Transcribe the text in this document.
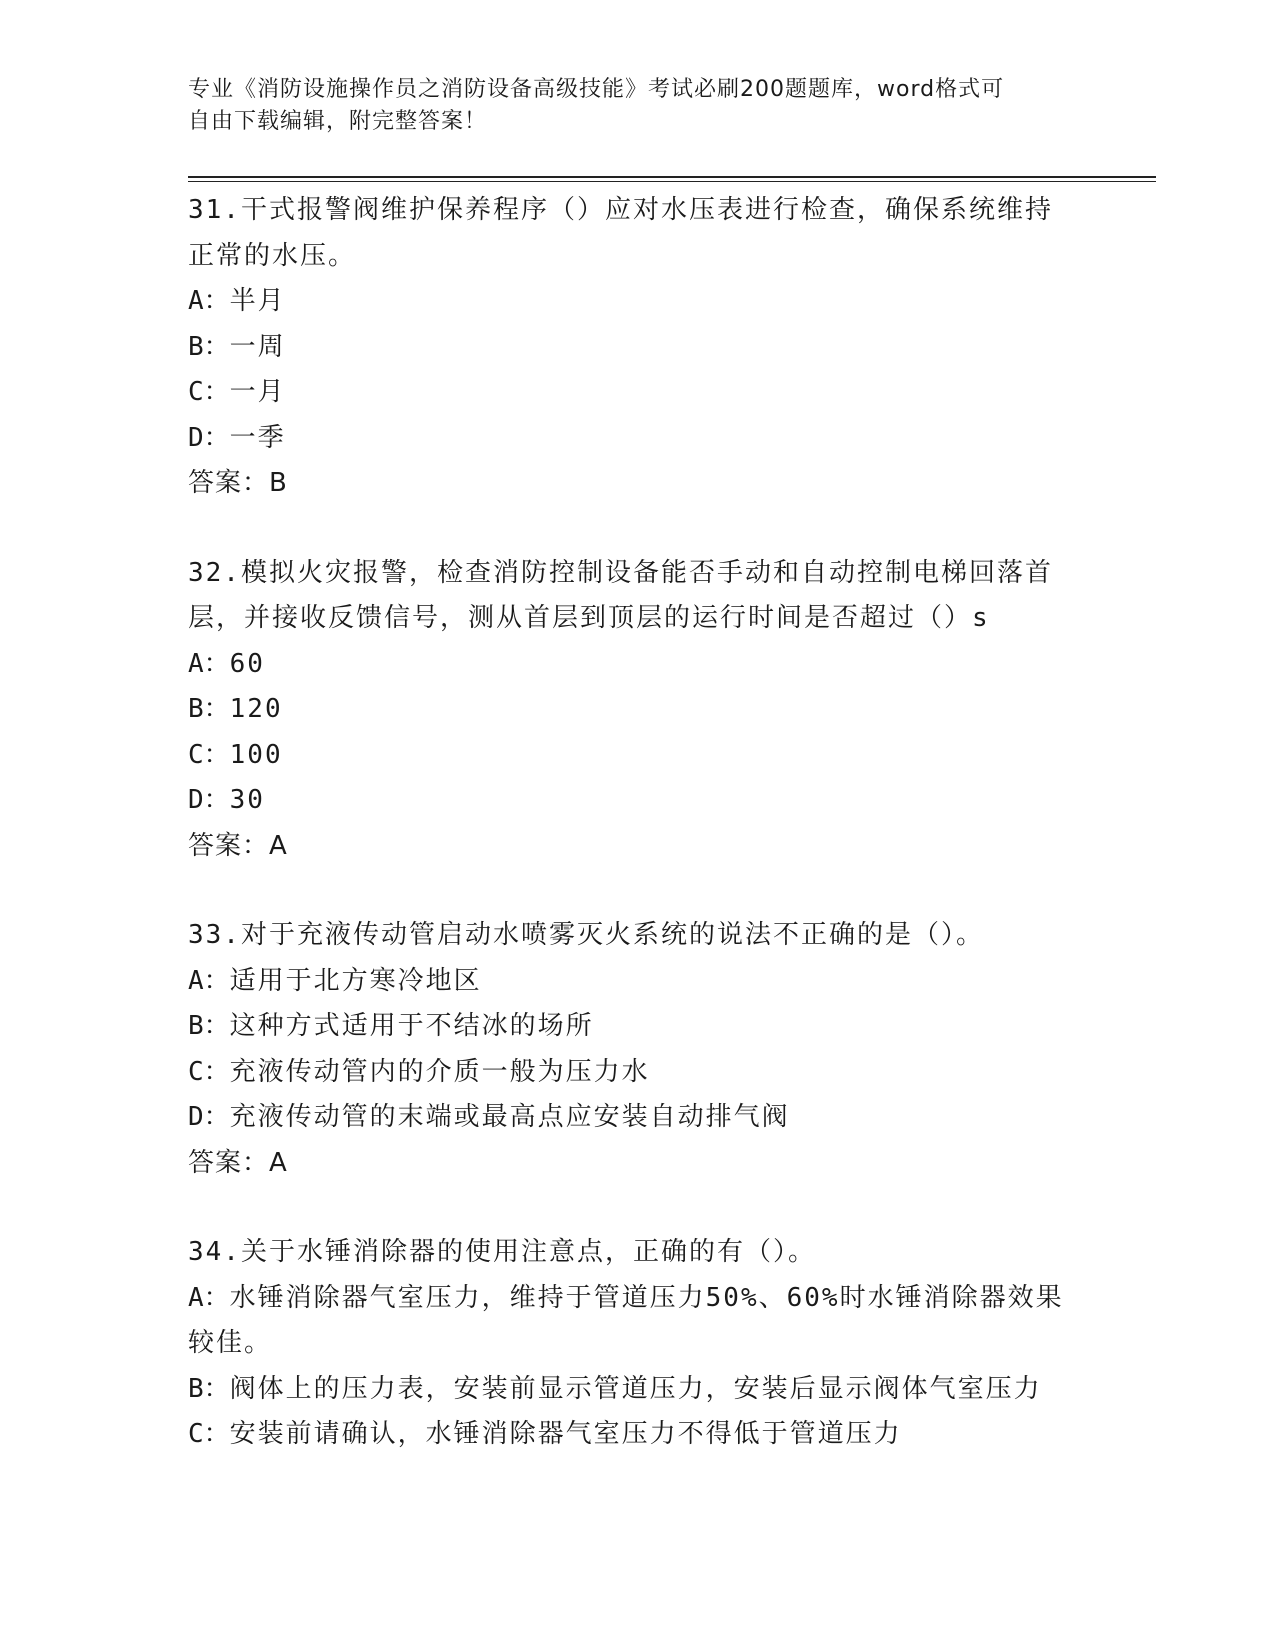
专业《消防设施操作员之消防设备高级技能》考试必刷200题题库，word格式可
自由下载编辑，附完整答案！
31.干式报警阀维护保养程序（）应对水压表进行检查，确保系统维持
正常的水压。
A：半月
B：一周
C：一月
D：一季
答案：B
32.模拟火灾报警，检查消防控制设备能否手动和自动控制电梯回落首
层，并接收反馈信号，测从首层到顶层的运行时间是否超过（）s
A：60
B：120
C：100
D：30
答案：A
33.对于充液传动管启动水喷雾灭火系统的说法不正确的是（）。
A：适用于北方寒冷地区
B：这种方式适用于不结冰的场所
C：充液传动管内的介质一般为压力水
D：充液传动管的末端或最高点应安装自动排气阀
答案：A
34.关于水锤消除器的使用注意点，正确的有（）。
A：水锤消除器气室压力，维持于管道压力50%、60%时水锤消除器效果
较佳。
B：阀体上的压力表，安装前显示管道压力，安装后显示阀体气室压力
C：安装前请确认，水锤消除器气室压力不得低于管道压力
